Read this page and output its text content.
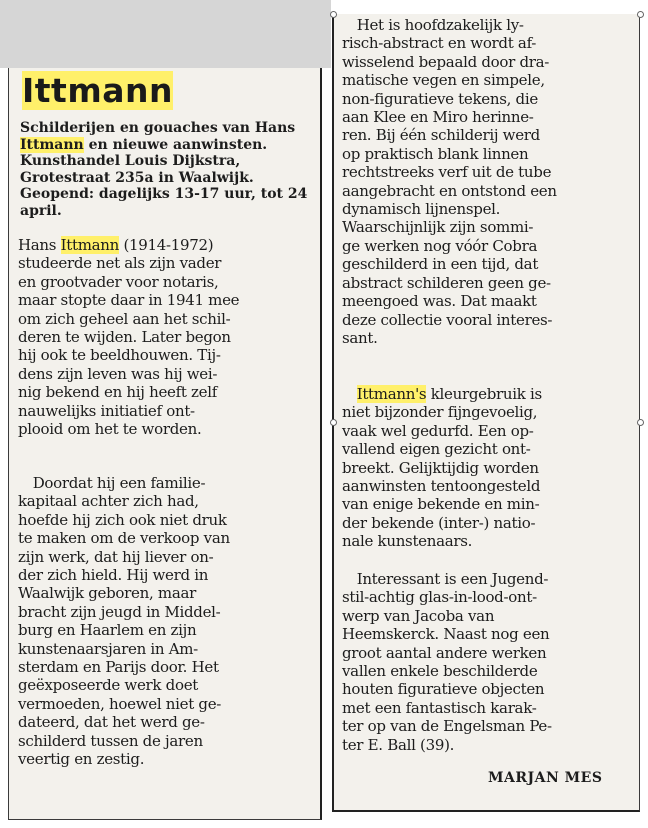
Ittmann
Schilderijen en gouaches van Hans Ittmann en nieuwe aanwinsten. Kunsthandel Louis Dijkstra, Grotestraat 235a in Waalwijk. Geopend: dagelijks 13-17 uur, tot 24 april.
Hans Ittmann (1914-1972)
studeerde net als zijn vader
en grootvader voor notaris,
maar stopte daar in 1941 mee
om zich geheel aan het schil-
deren te wijden. Later begon
hij ook te beeldhouwen. Tij-
dens zijn leven was hij wei-
nig bekend en hij heeft zelf
nauwelijks initiatief ont-
plooid om het te worden.
 Doordat hij een familie-
kapitaal achter zich had,
hoefde hij zich ook niet druk
te maken om de verkoop van
zijn werk, dat hij liever on-
der zich hield. Hij werd in
Waalwijk geboren, maar
bracht zijn jeugd in Middel-
burg en Haarlem en zijn
kunstenaarsjaren in Am-
sterdam en Parijs door. Het
geëxposeerde werk doet
vermoeden, hoewel niet ge-
dateerd, dat het werd ge-
schilderd tussen de jaren
veertig en zestig.
 Het is hoofdzakelijk ly-
risch-abstract en wordt af-
wisselend bepaald door dra-
matische vegen en simpele,
non-figuratieve tekens, die
aan Klee en Miro herinne-
ren. Bij één schilderij werd
op praktisch blank linnen
rechtstreeks verf uit de tube
aangebracht en ontstond een
dynamisch lijnenspel.
Waarschijnlijk zijn sommi-
ge werken nog vóór Cobra
geschilderd in een tijd, dat
abstract schilderen geen ge-
meengoed was. Dat maakt
deze collectie vooral interes-
sant.
 Ittmann's kleurgebruik is
niet bijzonder fijngevoelig,
vaak wel gedurfd. Een op-
vallend eigen gezicht ont-
breekt. Gelijktijdig worden
aanwinsten tentoongesteld
van enige bekende en min-
der bekende (inter-) natio-
nale kunstenaars.
 Interessant is een Jugend-
stil-achtig glas-in-lood-ont-
werp van Jacoba van
Heemskerck. Naast nog een
groot aantal andere werken
vallen enkele beschilderde
houten figuratieve objecten
met een fantastisch karak-
ter op van de Engelsman Pe-
ter E. Ball (39).
MARJAN MES
